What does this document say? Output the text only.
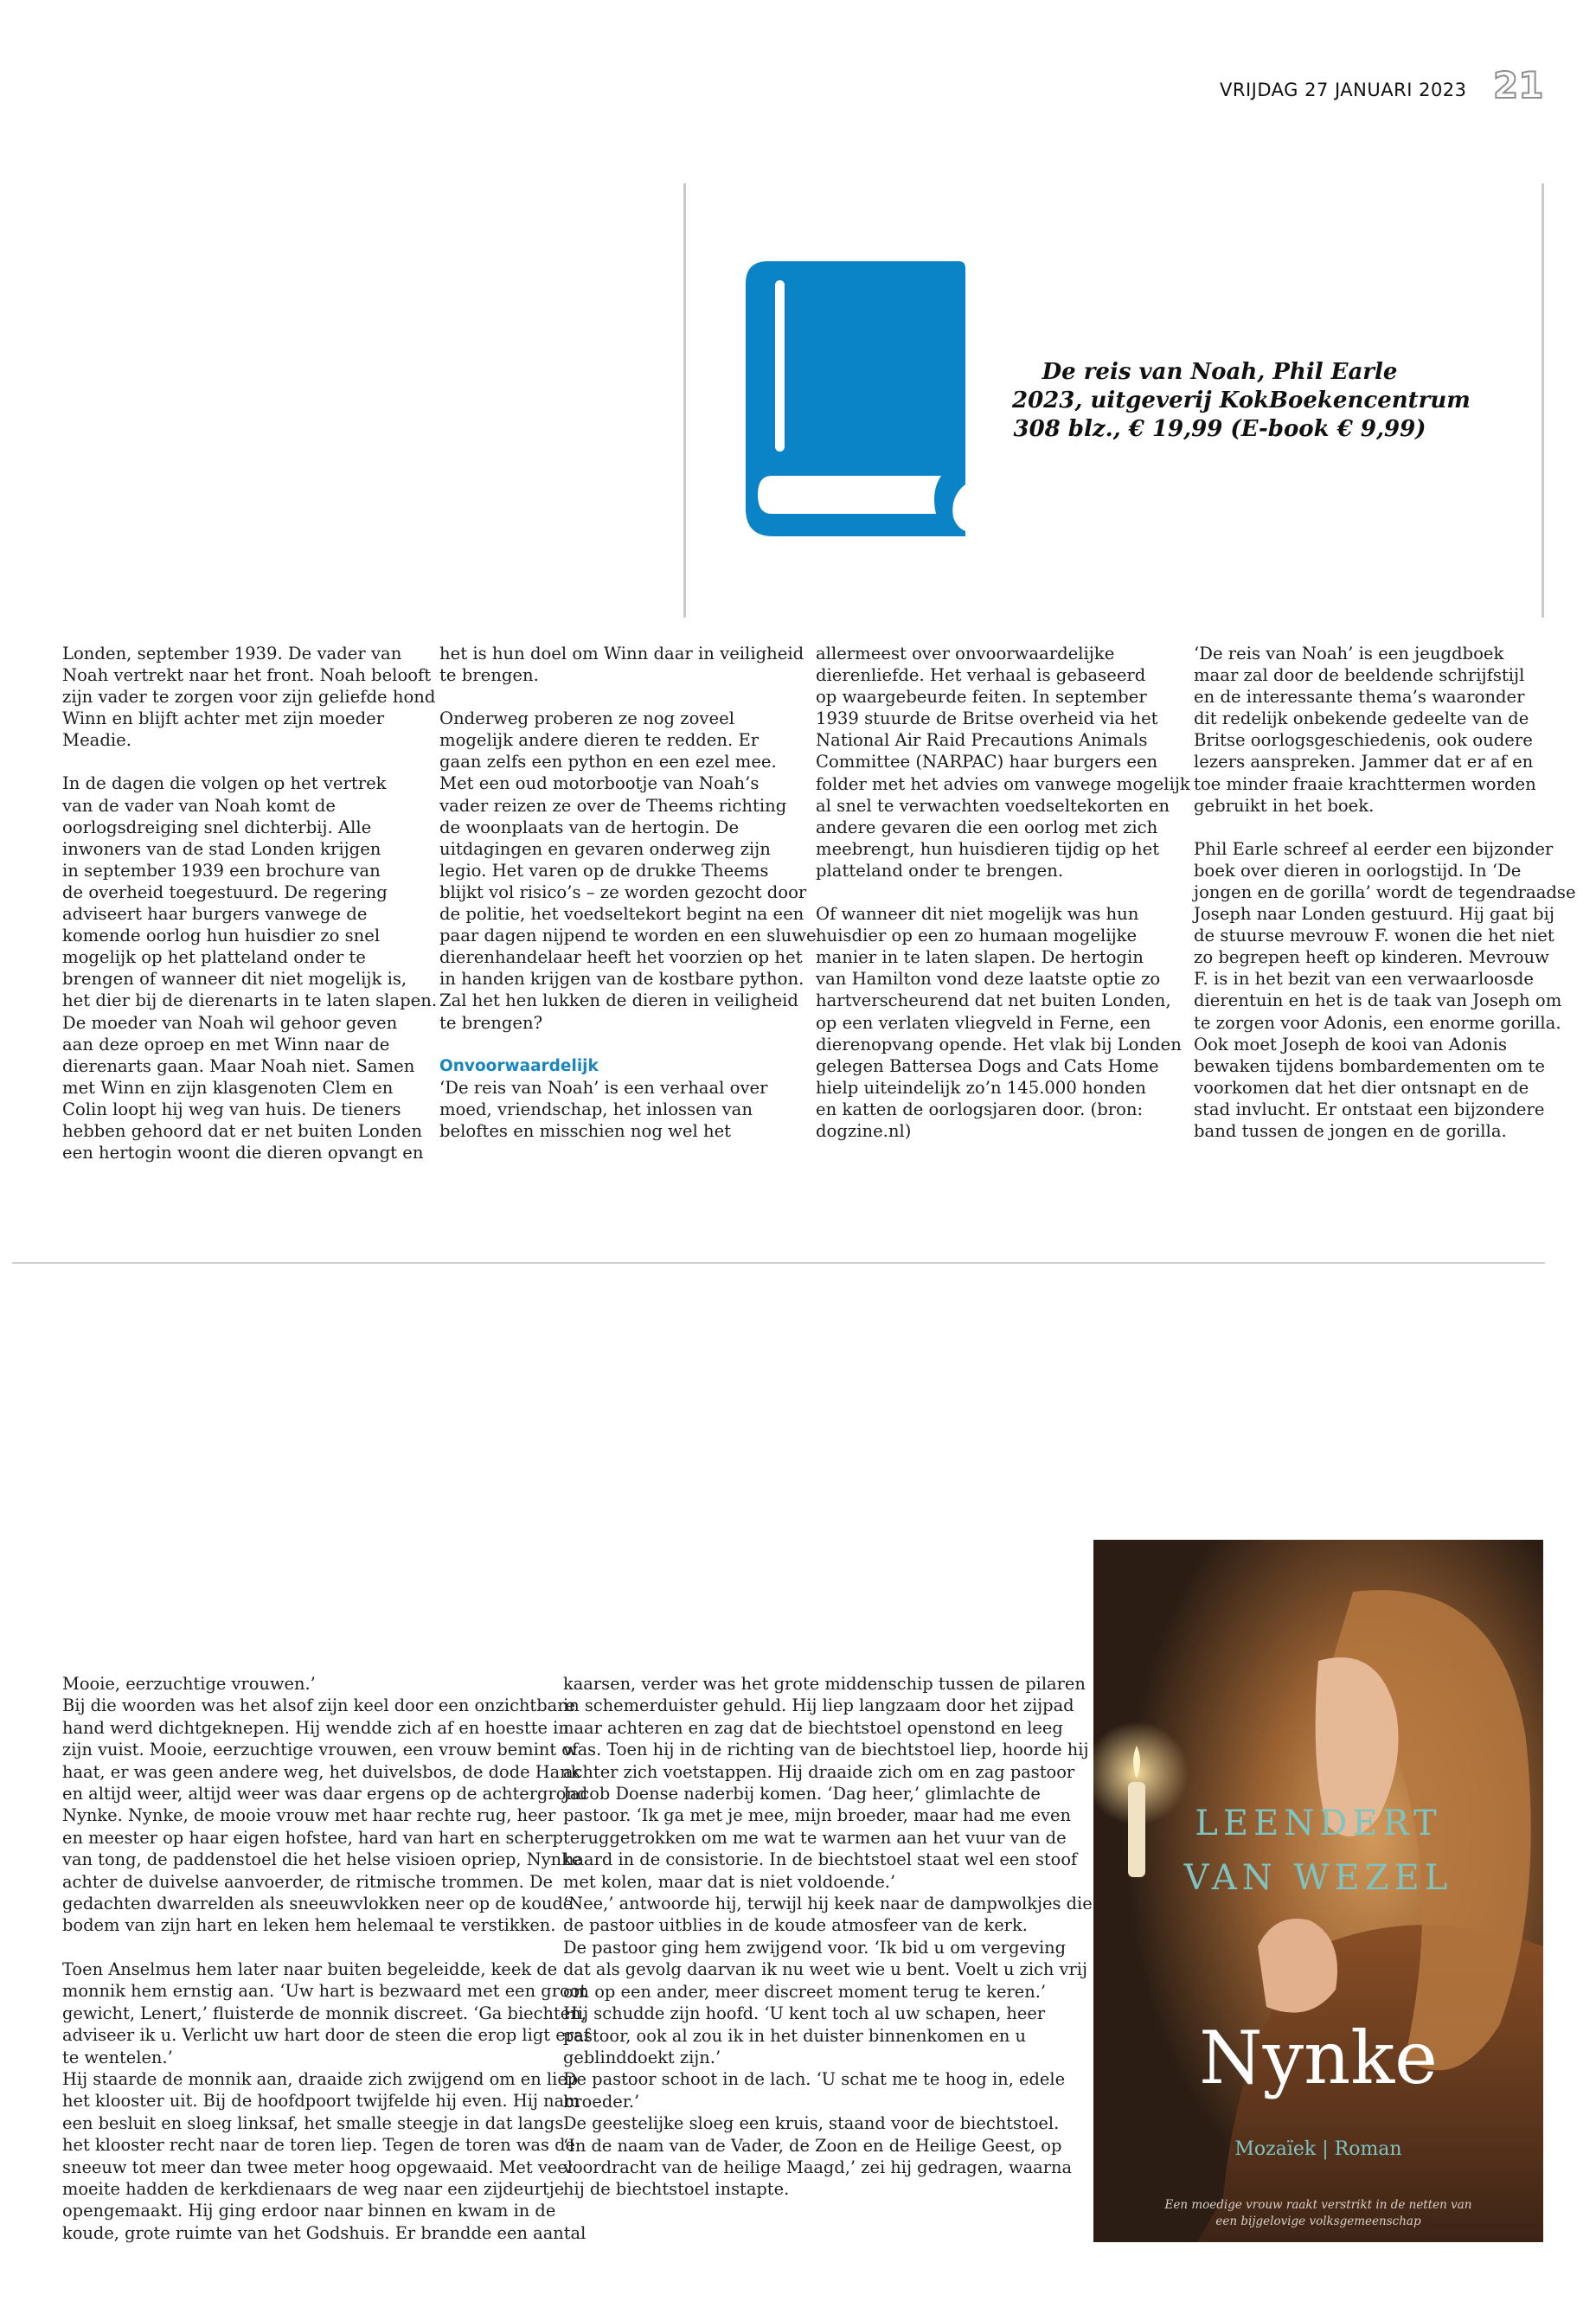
VRIJDAG 27 JANUARI 2023 21
De reis van Noah, Phil Earle
2023, uitgeverij KokBoekencentrum
308 blz., € 19,99 (E-book € 9,99)
Londen, september 1939. De vader van
Noah vertrekt naar het front. Noah belooft
zijn vader te zorgen voor zijn geliefde hond
Winn en blijft achter met zijn moeder
Meadie.
In de dagen die volgen op het vertrek
van de vader van Noah komt de
oorlogsdreiging snel dichterbij. Alle
inwoners van de stad Londen krijgen
in september 1939 een brochure van
de overheid toegestuurd. De regering
adviseert haar burgers vanwege de
komende oorlog hun huisdier zo snel
mogelijk op het platteland onder te
brengen of wanneer dit niet mogelijk is,
het dier bij de dierenarts in te laten slapen.
De moeder van Noah wil gehoor geven
aan deze oproep en met Winn naar de
dierenarts gaan. Maar Noah niet. Samen
met Winn en zijn klasgenoten Clem en
Colin loopt hij weg van huis. De tieners
hebben gehoord dat er net buiten Londen
een hertogin woont die dieren opvangt en
het is hun doel om Winn daar in veiligheid
te brengen.
Onderweg proberen ze nog zoveel
mogelijk andere dieren te redden. Er
gaan zelfs een python en een ezel mee.
Met een oud motorbootje van Noah’s
vader reizen ze over de Theems richting
de woonplaats van de hertogin. De
uitdagingen en gevaren onderweg zijn
legio. Het varen op de drukke Theems
blijkt vol risico’s – ze worden gezocht door
de politie, het voedseltekort begint na een
paar dagen nijpend te worden en een sluwe
dierenhandelaar heeft het voorzien op het
in handen krijgen van de kostbare python.
Zal het hen lukken de dieren in veiligheid
te brengen?
Onvoorwaardelijk
‘De reis van Noah’ is een verhaal over
moed, vriendschap, het inlossen van
beloftes en misschien nog wel het
allermeest over onvoorwaardelijke
dierenliefde. Het verhaal is gebaseerd
op waargebeurde feiten. In september
1939 stuurde de Britse overheid via het
National Air Raid Precautions Animals
Committee (NARPAC) haar burgers een
folder met het advies om vanwege mogelijk
al snel te verwachten voedseltekorten en
andere gevaren die een oorlog met zich
meebrengt, hun huisdieren tijdig op het
platteland onder te brengen.
Of wanneer dit niet mogelijk was hun
huisdier op een zo humaan mogelijke
manier in te laten slapen. De hertogin
van Hamilton vond deze laatste optie zo
hartverscheurend dat net buiten Londen,
op een verlaten vliegveld in Ferne, een
dierenopvang opende. Het vlak bij Londen
gelegen Battersea Dogs and Cats Home
hielp uiteindelijk zo’n 145.000 honden
en katten de oorlogsjaren door. (bron:
dogzine.nl)
‘De reis van Noah’ is een jeugdboek
maar zal door de beeldende schrijfstijl
en de interessante thema’s waaronder
dit redelijk onbekende gedeelte van de
Britse oorlogsgeschiedenis, ook oudere
lezers aanspreken. Jammer dat er af en
toe minder fraaie krachttermen worden
gebruikt in het boek.
Phil Earle schreef al eerder een bijzonder
boek over dieren in oorlogstijd. In ‘De
jongen en de gorilla’ wordt de tegendraadse
Joseph naar Londen gestuurd. Hij gaat bij
de stuurse mevrouw F. wonen die het niet
zo begrepen heeft op kinderen. Mevrouw
F. is in het bezit van een verwaarloosde
dierentuin en het is de taak van Joseph om
te zorgen voor Adonis, een enorme gorilla.
Ook moet Joseph de kooi van Adonis
bewaken tijdens bombardementen om te
voorkomen dat het dier ontsnapt en de
stad invlucht. Er ontstaat een bijzondere
band tussen de jongen en de gorilla.
LEENDERT
VAN WEZEL
Nynke
Mozaïek | Roman
Een moedige vrouw raakt verstrikt in de netten van
een bijgelovige volksgemeenschap
Mooie, eerzuchtige vrouwen.’
Bij die woorden was het alsof zijn keel door een onzichtbare
hand werd dichtgeknepen. Hij wendde zich af en hoestte in
zijn vuist. Mooie, eerzuchtige vrouwen, een vrouw bemint of
haat, er was geen andere weg, het duivelsbos, de dode Hank
en altijd weer, altijd weer was daar ergens op de achtergrond
Nynke. Nynke, de mooie vrouw met haar rechte rug, heer
en meester op haar eigen hofstee, hard van hart en scherp
van tong, de paddenstoel die het helse visioen opriep, Nynke
achter de duivelse aanvoerder, de ritmische trommen. De
gedachten dwarrelden als sneeuwvlokken neer op de koude
bodem van zijn hart en leken hem helemaal te verstikken.
Toen Anselmus hem later naar buiten begeleidde, keek de
monnik hem ernstig aan. ‘Uw hart is bezwaard met een groot
gewicht, Lenert,’ fluisterde de monnik discreet. ‘Ga biechten,
adviseer ik u. Verlicht uw hart door de steen die erop ligt eraf
te wentelen.’
Hij staarde de monnik aan, draaide zich zwijgend om en liep
het klooster uit. Bij de hoofdpoort twijfelde hij even. Hij nam
een besluit en sloeg linksaf, het smalle steegje in dat langs
het klooster recht naar de toren liep. Tegen de toren was de
sneeuw tot meer dan twee meter hoog opgewaaid. Met veel
moeite hadden de kerkdienaars de weg naar een zijdeurtje
opengemaakt. Hij ging erdoor naar binnen en kwam in de
koude, grote ruimte van het Godshuis. Er brandde een aantal
kaarsen, verder was het grote middenschip tussen de pilaren
in schemerduister gehuld. Hij liep langzaam door het zijpad
naar achteren en zag dat de biechtstoel openstond en leeg
was. Toen hij in de richting van de biechtstoel liep, hoorde hij
achter zich voetstappen. Hij draaide zich om en zag pastoor
Jacob Doense naderbij komen. ‘Dag heer,’ glimlachte de
pastoor. ‘Ik ga met je mee, mijn broeder, maar had me even
teruggetrokken om me wat te warmen aan het vuur van de
haard in de consistorie. In de biechtstoel staat wel een stoof
met kolen, maar dat is niet voldoende.’
‘Nee,’ antwoorde hij, terwijl hij keek naar de dampwolkjes die
de pastoor uitblies in de koude atmosfeer van de kerk.
De pastoor ging hem zwijgend voor. ‘Ik bid u om vergeving
dat als gevolg daarvan ik nu weet wie u bent. Voelt u zich vrij
om op een ander, meer discreet moment terug te keren.’
Hij schudde zijn hoofd. ‘U kent toch al uw schapen, heer
pastoor, ook al zou ik in het duister binnenkomen en u
geblinddoekt zijn.’
De pastoor schoot in de lach. ‘U schat me te hoog in, edele
broeder.’
De geestelijke sloeg een kruis, staand voor de biechtstoel.
‘In de naam van de Vader, de Zoon en de Heilige Geest, op
voordracht van de heilige Maagd,’ zei hij gedragen, waarna
hij de biechtstoel instapte.
